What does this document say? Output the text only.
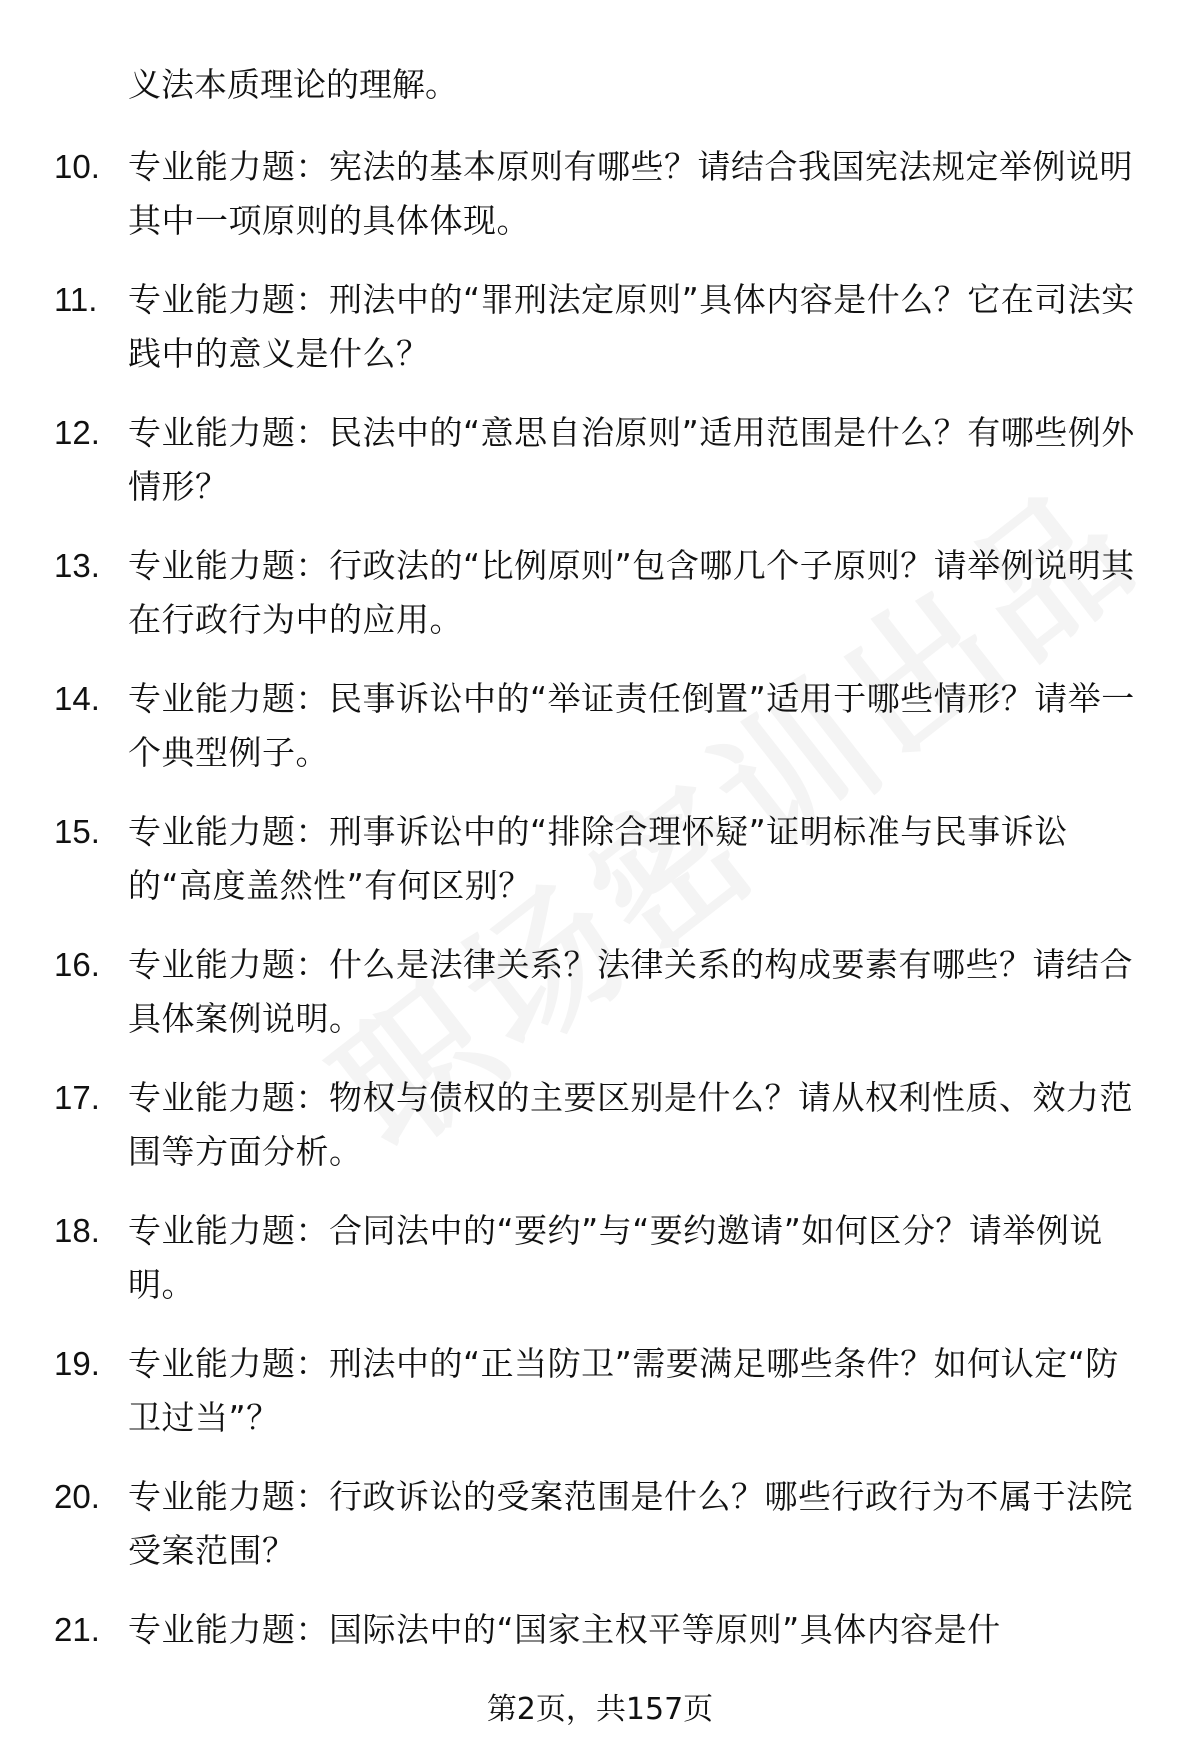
义法本质理论的理解。
10. 专业能力题：宪法的基本原则有哪些？请结合我国宪法规定举例说明其中一项原则的具体体现。
11. 专业能力题：刑法中的“罪刑法定原则”具体内容是什么？它在司法实践中的意义是什么？
12. 专业能力题：民法中的“意思自治原则”适用范围是什么？有哪些例外情形？
13. 专业能力题：行政法的“比例原则”包含哪几个子原则？请举例说明其在行政行为中的应用。
14. 专业能力题：民事诉讼中的“举证责任倒置”适用于哪些情形？请举一个典型例子。
15. 专业能力题：刑事诉讼中的“排除合理怀疑”证明标准与民事诉讼的“高度盖然性”有何区别？
16. 专业能力题：什么是法律关系？法律关系的构成要素有哪些？请结合具体案例说明。
17. 专业能力题：物权与债权的主要区别是什么？请从权利性质、效力范围等方面分析。
18. 专业能力题：合同法中的“要约”与“要约邀请”如何区分？请举例说明。
19. 专业能力题：刑法中的“正当防卫”需要满足哪些条件？如何认定“防卫过当”？
20. 专业能力题：行政诉讼的受案范围是什么？哪些行政行为不属于法院受案范围？
21. 专业能力题：国际法中的“国家主权平等原则”具体内容是什
第2页，共157页
